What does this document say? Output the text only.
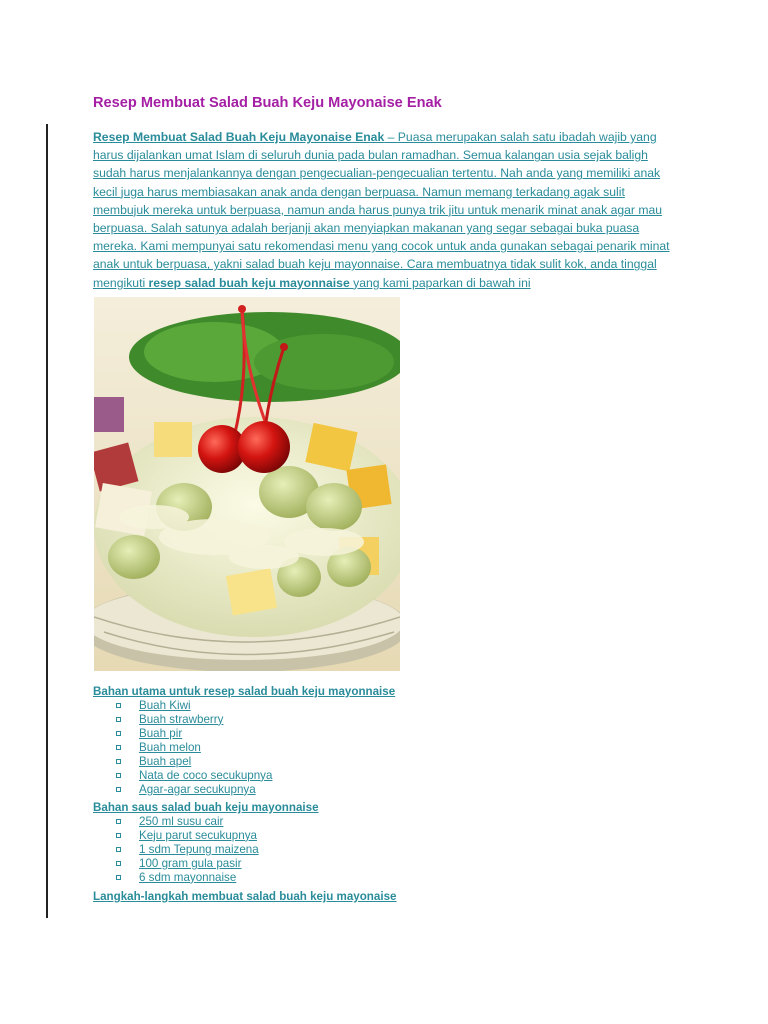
Resep Membuat Salad Buah Keju Mayonaise Enak

Resep Membuat Salad Buah Keju Mayonaise Enak – Puasa merupakan salah satu ibadah wajib yang harus dijalankan umat Islam di seluruh dunia pada bulan ramadhan. Semua kalangan usia sejak baligh sudah harus menjalankannya dengan pengecualian-pengecualian tertentu. Nah anda yang memiliki anak kecil juga harus membiasakan anak anda dengan berpuasa. Namun memang terkadang agak sulit membujuk mereka untuk berpuasa, namun anda harus punya trik jitu untuk menarik minat anak agar mau berpuasa. Salah satunya adalah berjanji akan menyiapkan makanan yang segar sebagai buka puasa mereka. Kami mempunyai satu rekomendasi menu yang cocok untuk anda gunakan sebagai penarik minat anak untuk berpuasa, yakni salad buah keju mayonnaise. Cara membuatnya tidak sulit kok, anda tinggal mengikuti resep salad buah keju mayonnaise yang kami paparkan di bawah ini

Bahan utama untuk resep salad buah keju mayonnaise
Buah Kiwi
Buah strawberry
Buah pir
Buah melon
Buah apel
Nata de coco secukupnya
Agar-agar secukupnya
Bahan saus salad buah keju mayonnaise
250 ml susu cair
Keju parut secukupnya
1 sdm Tepung maizena
100 gram gula pasir
6 sdm mayonnaise
Langkah-langkah membuat salad buah keju mayonaise
